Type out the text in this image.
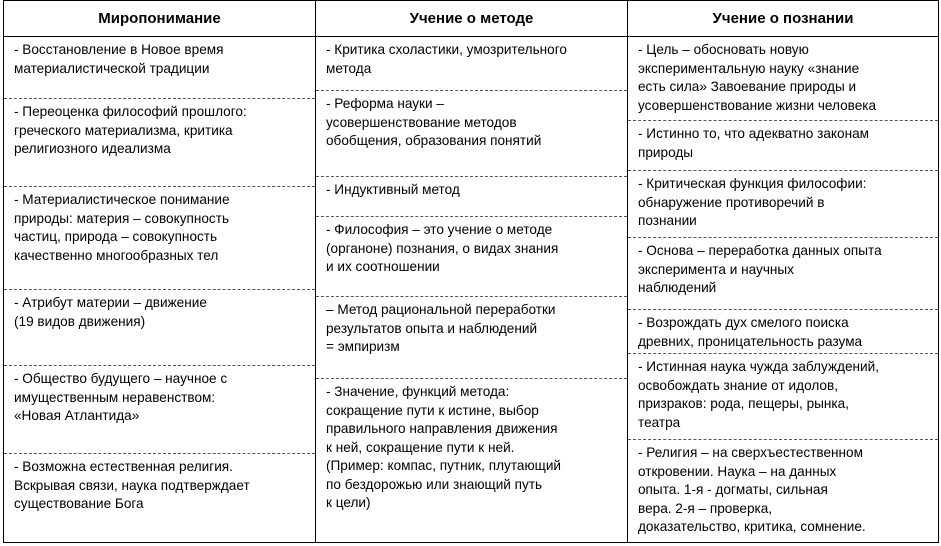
Миропонимание
- Восстановление в Новое время
материалистической традиции
- Переоценка философий прошлого:
греческого материализма, критика
религиозного идеализма
- Материалистическое понимание
природы: материя – совокупность
частиц, природа – совокупность
качественно многообразных тел
- Атрибут материи – движение
(19 видов движения)
- Общество будущего – научное с
имущественным неравенством:
«Новая Атлантида»
- Возможна естественная религия.
Вскрывая связи, наука подтверждает
существование Бога
Учение о методе
- Критика схоластики, умозрительного
метода
- Реформа науки –
усовершенствование методов
обобщения, образования понятий
- Индуктивный метод
- Философия – это учение о методе
(органоне) познания, о видах знания
и их соотношении
– Метод рациональной переработки
результатов опыта и наблюдений
= эмпиризм
- Значение, функций метода:
сокращение пути к истине, выбор
правильного направления движения
к ней, сокращение пути к ней.
(Пример: компас, путник, плутающий
по бездорожью или знающий путь
к цели)
Учение о познании
- Цель – обосновать новую
экспериментальную науку «знание
есть сила» Завоевание природы и
усовершенствование жизни человека
- Истинно то, что адекватно законам
природы
- Критическая функция философии:
обнаружение противоречий в
познании
- Основа – переработка данных опыта
эксперимента и научных
наблюдений
- Возрождать дух смелого поиска
древних, проницательность разума
- Истинная наука чужда заблуждений,
освобождать знание от идолов,
призраков: рода, пещеры, рынка,
театра
- Религия – на сверхъестественном
откровении. Наука – на данных
опыта. 1-я - догматы, сильная
вера. 2-я – проверка,
доказательство, критика, сомнение.
